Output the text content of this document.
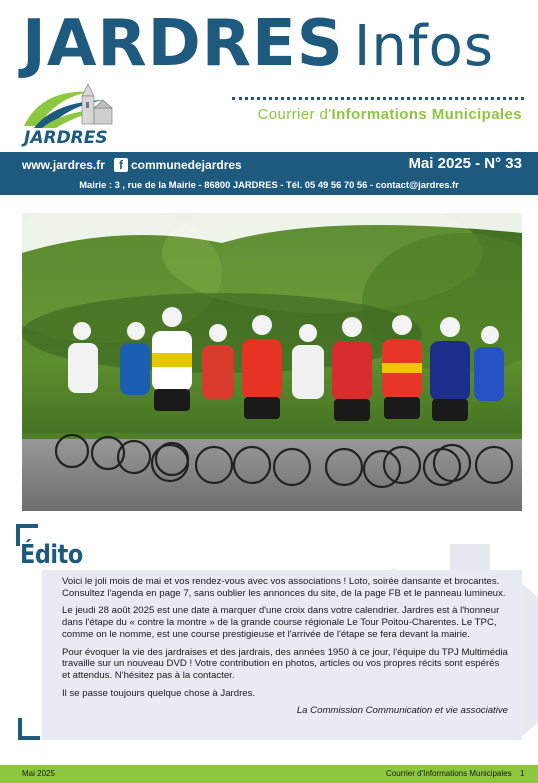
JARDRES Infos
JARDRES
Courrier d'Informations Municipales
www.jardres.fr	f communedejardres	Mai 2025 - N° 33
Mairie : 3 , rue de la Mairie - 86800 JARDRES - Tél. 05 49 56 70 56 - contact@jardres.fr
Édito

Voici le joli mois de mai et vos rendez-vous avec vos associations ! Loto, soirée dansante et brocantes. Consultez l'agenda en page 7, sans oublier les annonces du site, de la page FB et le panneau lumineux.

Le jeudi 28 août 2025 est une date à marquer d'une croix dans votre calendrier. Jardres est à l'honneur dans l'étape du « contre la montre » de la grande course régionale Le Tour Poitou-Charentes. Le TPC, comme on le nomme, est une course prestigieuse et l'arrivée de l'étape se fera devant la mairie.

Pour évoquer la vie des jardraises et des jardrais, des années 1950 à ce jour, l'équipe du TPJ Multimédia travaille sur un nouveau DVD ! Votre contribution en photos, articles ou vos propres récits sont espérés et attendus. N'hésitez pas à la contacter.

Il se passe toujours quelque chose à Jardres.

La Commission Communication et vie associative

Mai 2025	Courrier d'Informations Municipales 1
